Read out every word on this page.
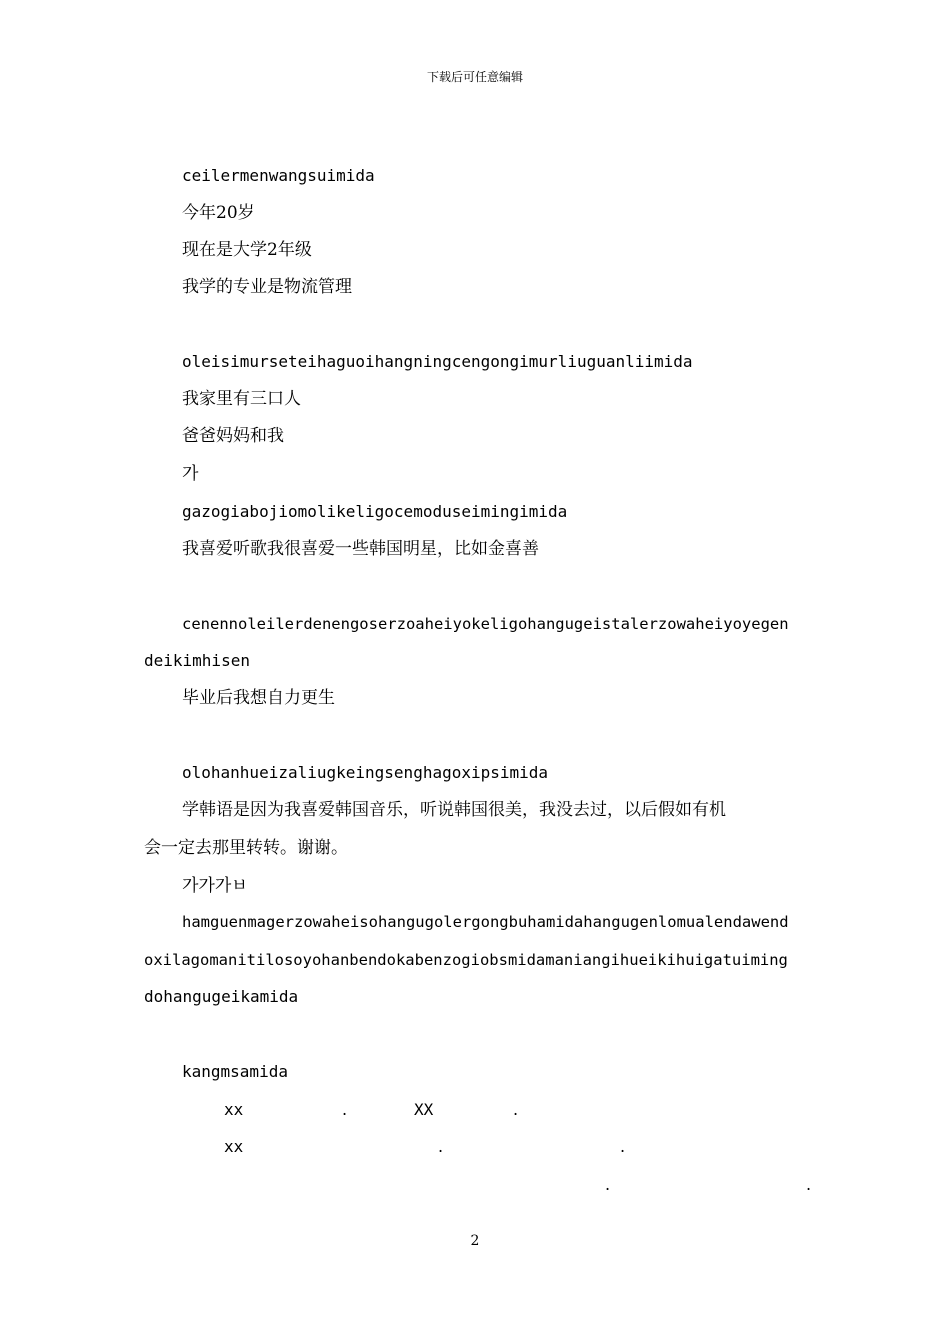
下载后可任意编辑
ceilermenwangsuimida
今年20岁
现在是大学2年级
我学的专业是物流管理
oleisimurseteihaguoihangningcengongimurliuguanliimida
我家里有三口人
爸爸妈妈和我
가
gazogiabojiomolikeligocemoduseimingimida
我喜爱听歌我很喜爱一些韩国明星，比如金喜善
cenennoleilerdenengoserzoaheiyokeligohangugeistalerzowaheiyoyegen
deikimhisen
毕业后我想自力更生
olohanhueizaliugkeingsenghagoxipsimida
学韩语是因为我喜爱韩国音乐，听说韩国很美，我没去过，以后假如有机
会一定去那里转转。谢谢。
가가가ㅂ
hamguenmagerzowaheisohangugolergongbuhamidahangugenlomualendawend
oxilagomanitilosoyohanbendokabenzogiobsmidamaniangihueikihuigatuiming
dohangugeikamida
kangmsamida
xx	.	XX	.
xx	.	.
.	.
2
